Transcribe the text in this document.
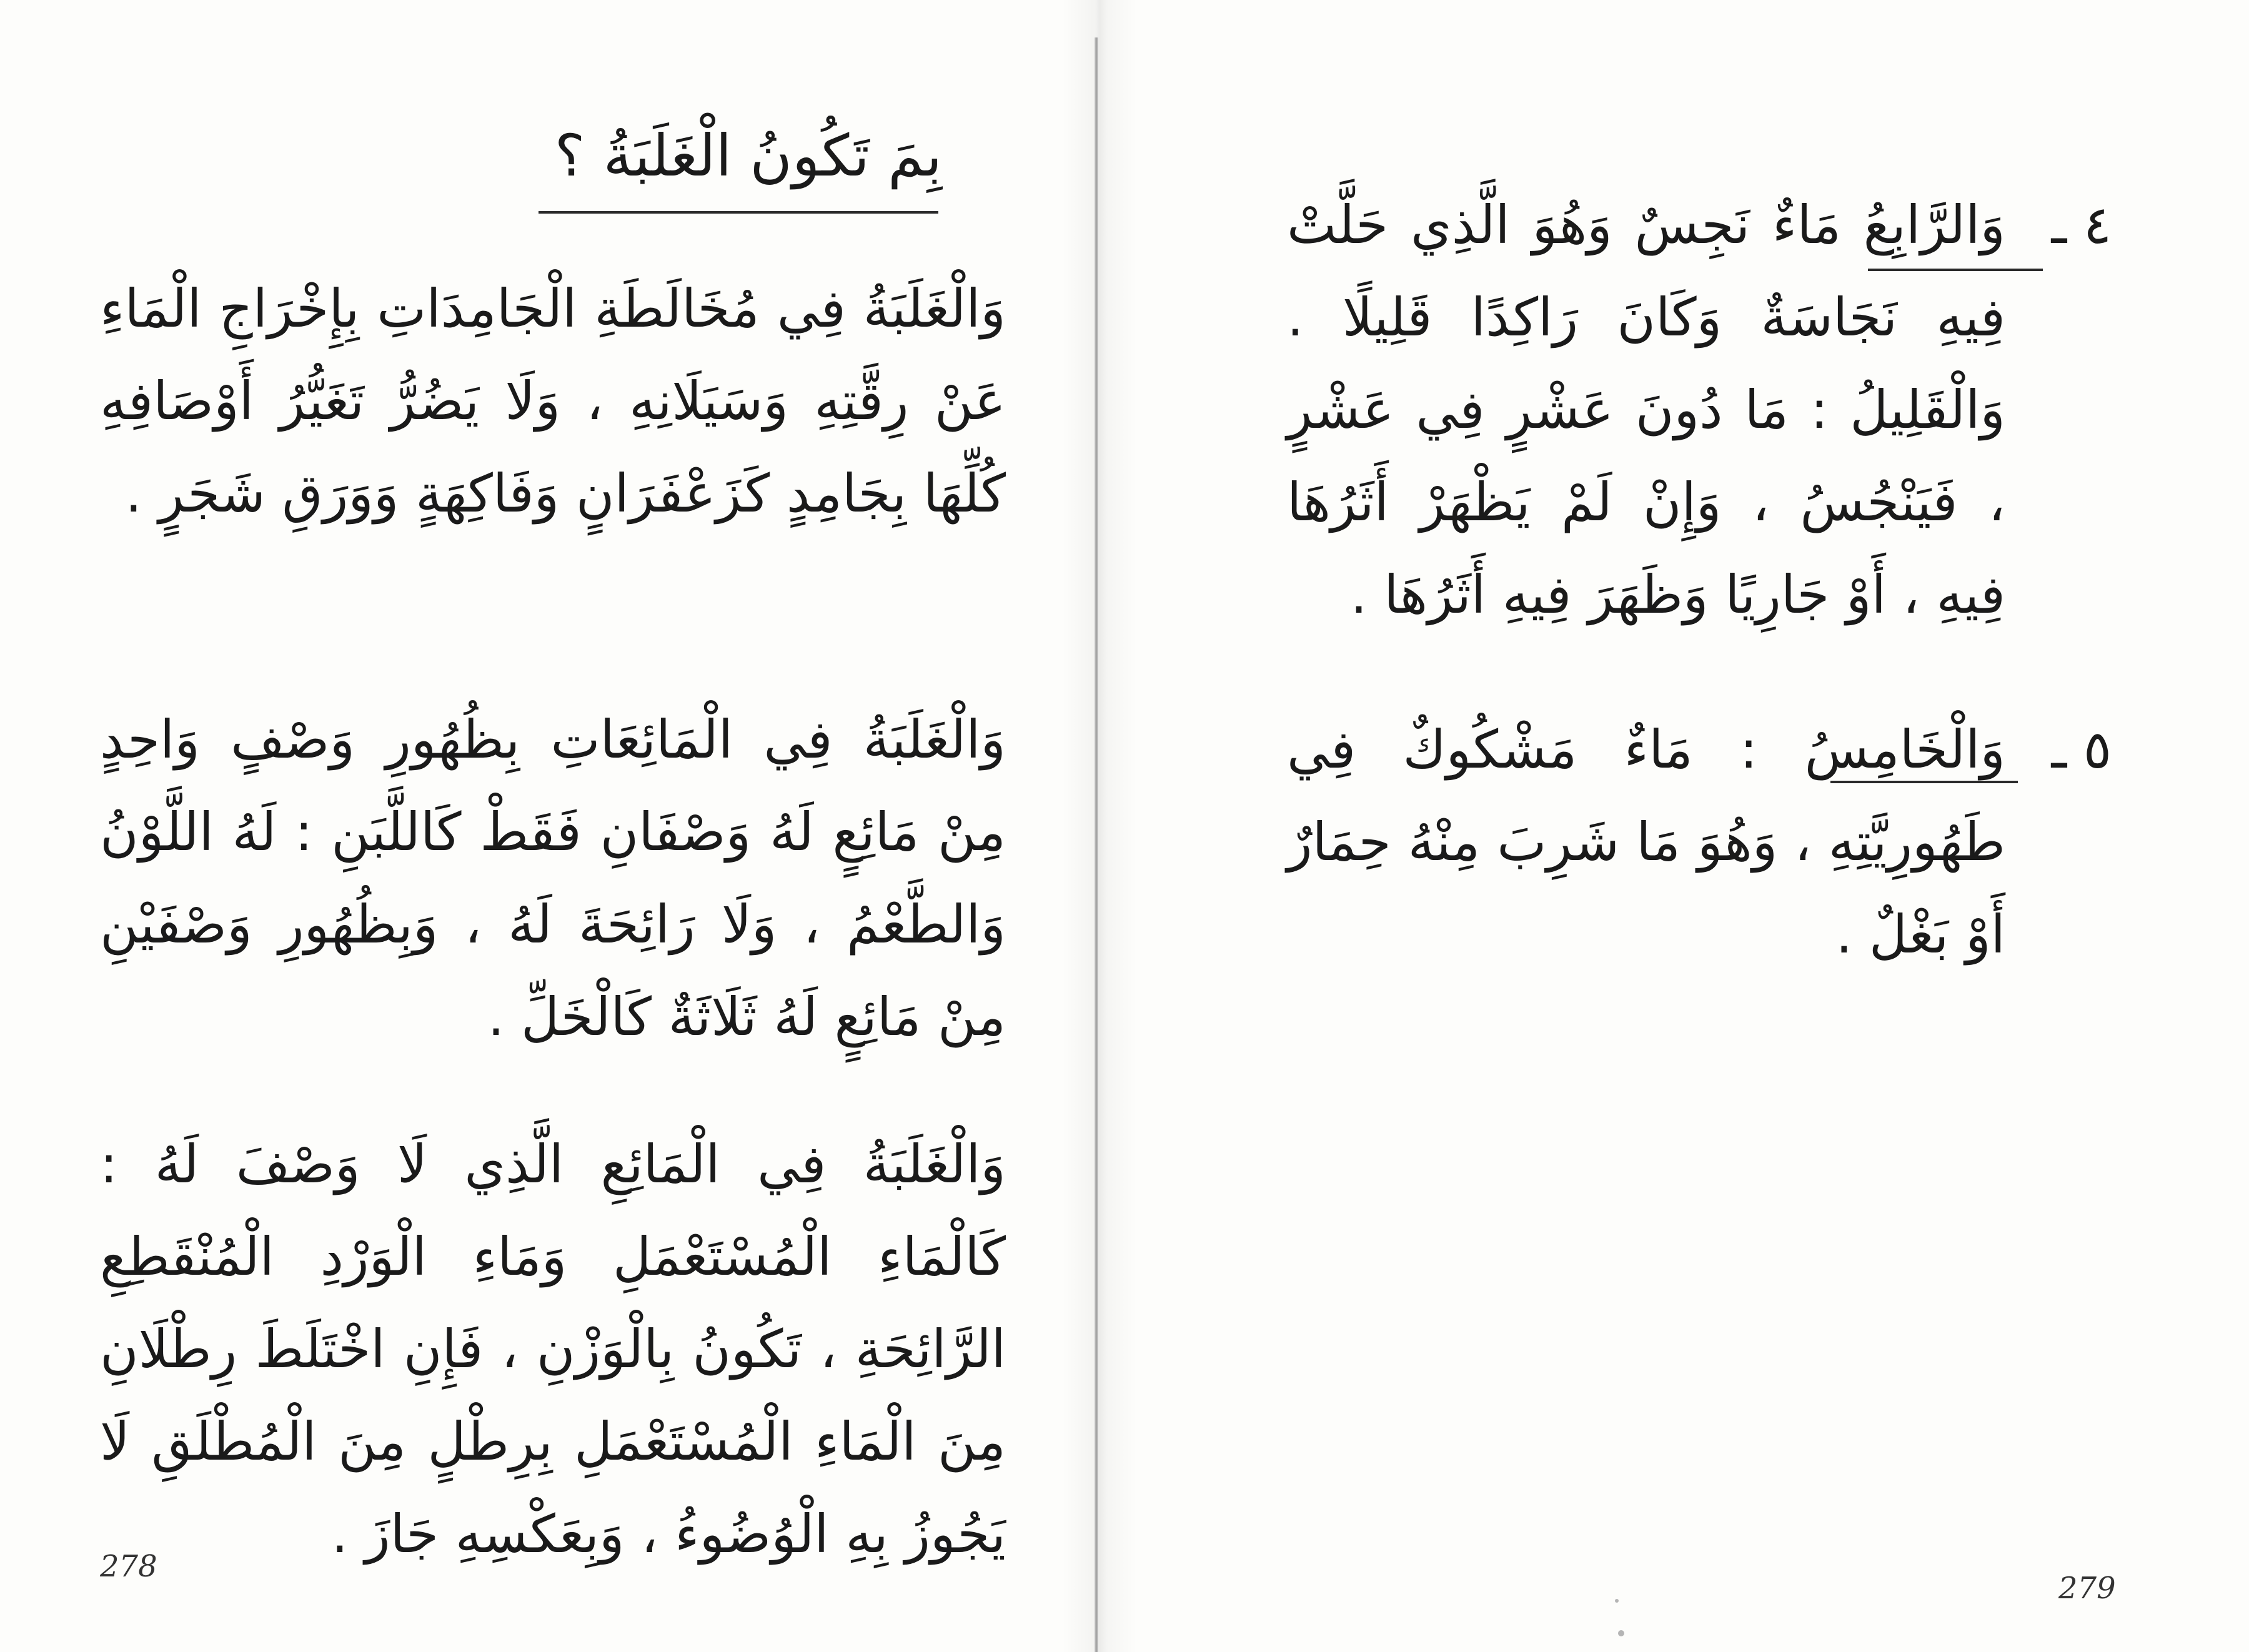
بِمَ تَكُونُ الْغَلَبَةُ ؟
وَالْغَلَبَةُ فِي مُخَالَطَةِ الْجَامِدَاتِ بِإِخْرَاجِ الْمَاءِ عَنْ رِقَّتِهِ وَسَيَلَانِهِ ، وَلَا يَضُرُّ تَغَيُّرُ أَوْصَافِهِ كُلِّهَا بِجَامِدٍ كَزَعْفَرَانٍ وَفَاكِهَةٍ وَوَرَقِ شَجَرٍ .
وَالْغَلَبَةُ فِي الْمَائِعَاتِ بِظُهُورِ وَصْفٍ وَاحِدٍ مِنْ مَائِعٍ لَهُ وَصْفَانِ فَقَطْ كَاللَّبَنِ : لَهُ اللَّوْنُ وَالطَّعْمُ ، وَلَا رَائِحَةَ لَهُ ، وَبِظُهُورِ وَصْفَيْنِ مِنْ مَائِعٍ لَهُ ثَلَاثَةٌ كَالْخَلِّ .
وَالْغَلَبَةُ فِي الْمَائِعِ الَّذِي لَا وَصْفَ لَهُ : كَالْمَاءِ الْمُسْتَعْمَلِ وَمَاءِ الْوَرْدِ الْمُنْقَطِعِ الرَّائِحَةِ ، تَكُونُ بِالْوَزْنِ ، فَإِنِ اخْتَلَطَ رِطْلَانِ مِنَ الْمَاءِ الْمُسْتَعْمَلِ بِرِطْلٍ مِنَ الْمُطْلَقِ لَا يَجُوزُ بِهِ الْوُضُوءُ ، وَبِعَكْسِهِ جَازَ .
278
٤ ـ
وَالرَّابِعُ مَاءٌ نَجِسٌ وَهُوَ الَّذِي حَلَّتْ فِيهِ نَجَاسَةٌ وَكَانَ رَاكِدًا قَلِيلًا . وَالْقَلِيلُ : مَا دُونَ عَشْرٍ فِي عَشْرٍ ، فَيَنْجُسُ ، وَإِنْ لَمْ يَظْهَرْ أَثَرُهَا فِيهِ ، أَوْ جَارِيًا وَظَهَرَ فِيهِ أَثَرُهَا .
٥ ـ
وَالْخَامِسُ : مَاءٌ مَشْكُوكٌ فِي طَهُورِيَّتِهِ ، وَهُوَ مَا شَرِبَ مِنْهُ حِمَارٌ أَوْ بَغْلٌ .
279
